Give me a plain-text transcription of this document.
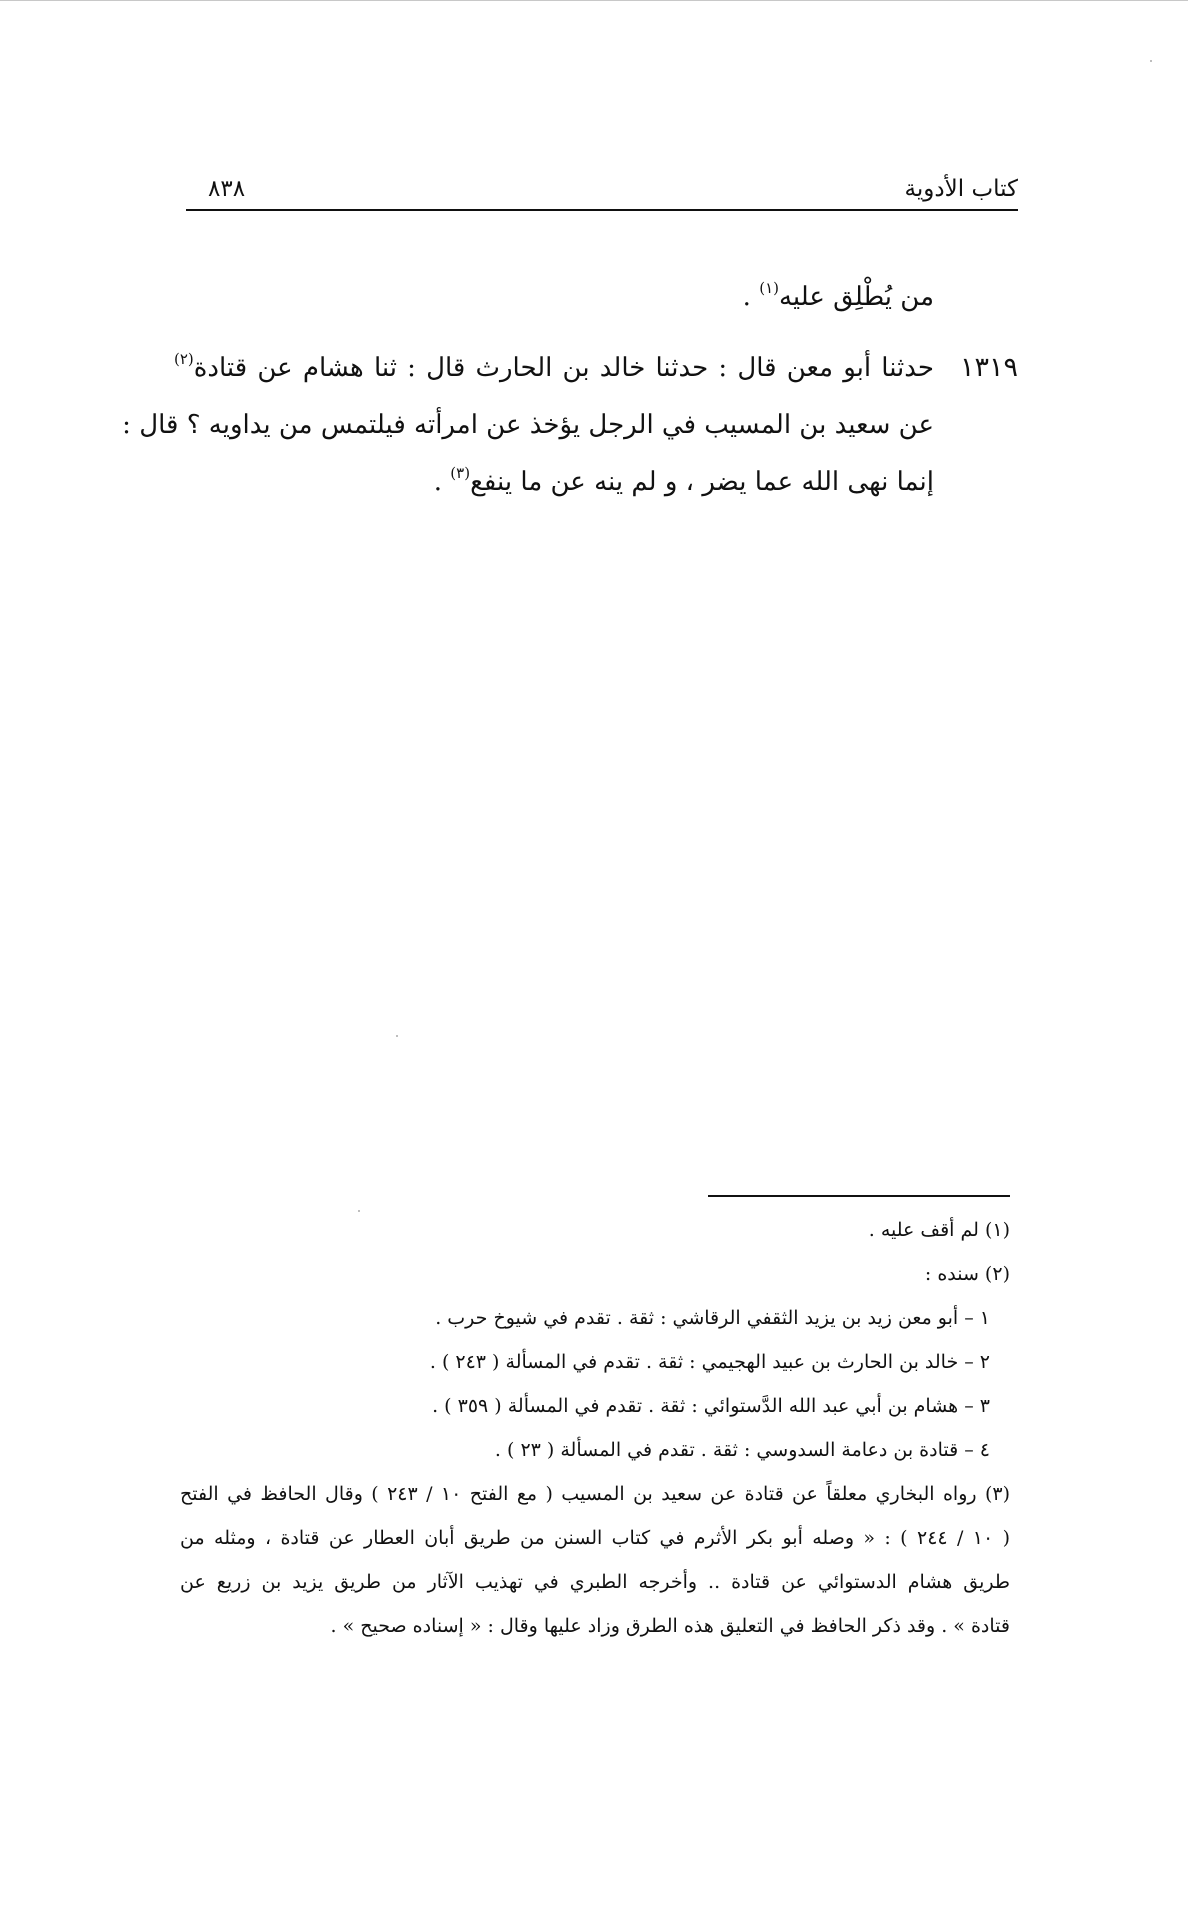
كتاب الأدوية
٨٣٨
من يُطْلِق عليه$^{(١)}$ .
١٣١٩
حدثنا أبو معن قال : حدثنا خالد بن الحارث قال : ثنا هشام عن قتادة$^{(٢)}$
عن سعيد بن المسيب في الرجل يؤخذ عن امرأته فيلتمس من يداويه ؟ قال :
إنما نهى الله عما يضر ، و لم ينه عن ما ينفع$^{(٣)}$ .
(١) لم أقف عليه .
(٢) سنده :
١ – أبو معن زيد بن يزيد الثقفي الرقاشي : ثقة . تقدم في شيوخ حرب .
٢ – خالد بن الحارث بن عبيد الهجيمي : ثقة . تقدم في المسألة ( ٢٤٣ ) .
٣ – هشام بن أبي عبد الله الدَّستوائي : ثقة . تقدم في المسألة ( ٣٥٩ ) .
٤ – قتادة بن دعامة السدوسي : ثقة . تقدم في المسألة ( ٢٣ ) .
(٣) رواه البخاري معلقاً عن قتادة عن سعيد بن المسيب ( مع الفتح ١٠ / ٢٤٣ ) وقال الحافظ في الفتح
( ١٠ / ٢٤٤ ) : « وصله أبو بكر الأثرم في كتاب السنن من طريق أبان العطار عن قتادة ، ومثله من
طريق هشام الدستوائي عن قتادة .. وأخرجه الطبري في تهذيب الآثار من طريق يزيد بن زريع عن
قتادة » . وقد ذكر الحافظ في التعليق هذه الطرق وزاد عليها وقال : « إسناده صحيح » .
